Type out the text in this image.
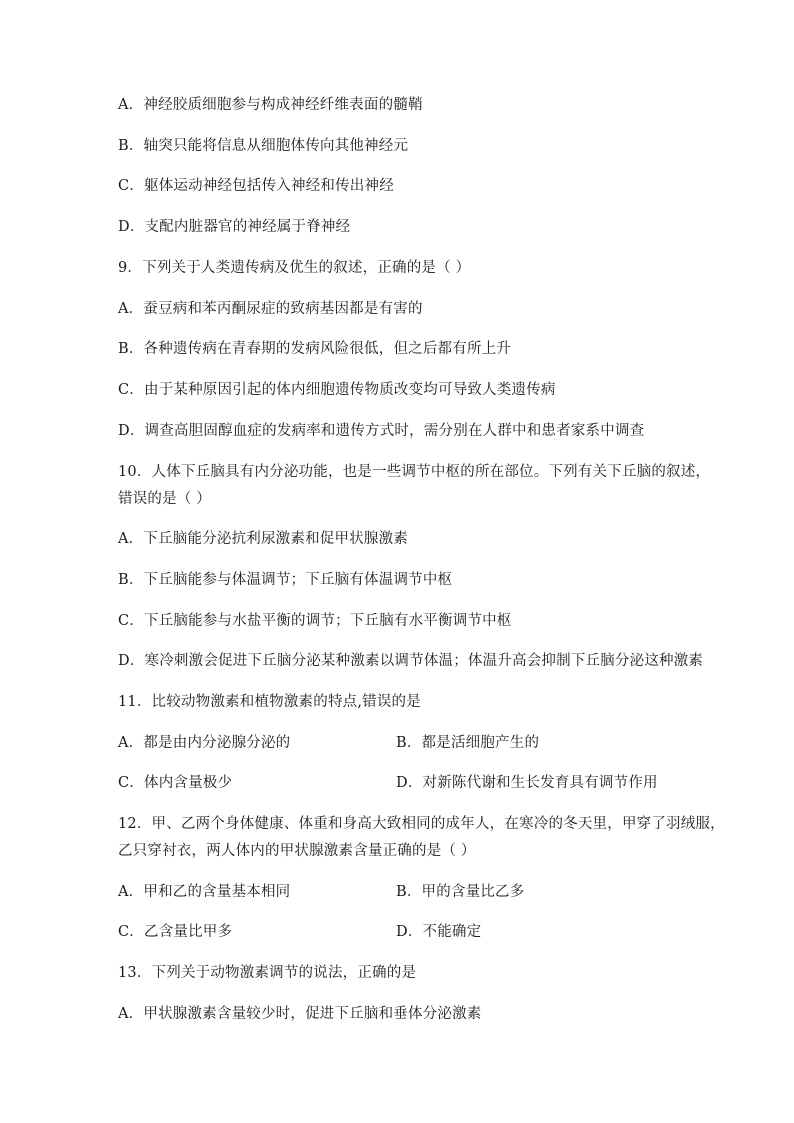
A．神经胶质细胞参与构成神经纤维表面的髓鞘
B．轴突只能将信息从细胞体传向其他神经元
C．躯体运动神经包括传入神经和传出神经
D．支配内脏器官的神经属于脊神经
9．下列关于人类遗传病及优生的叙述，正确的是（ ）
A．蚕豆病和苯丙酮尿症的致病基因都是有害的
B．各种遗传病在青春期的发病风险很低，但之后都有所上升
C．由于某种原因引起的体内细胞遗传物质改变均可导致人类遗传病
D．调查高胆固醇血症的发病率和遗传方式时，需分别在人群中和患者家系中调查
10．人体下丘脑具有内分泌功能，也是一些调节中枢的所在部位。下列有关下丘脑的叙述，
错误的是（ ）
A．下丘脑能分泌抗利尿激素和促甲状腺激素
B．下丘脑能参与体温调节；下丘脑有体温调节中枢
C．下丘脑能参与水盐平衡的调节；下丘脑有水平衡调节中枢
D．寒冷刺激会促进下丘脑分泌某种激素以调节体温；体温升高会抑制下丘脑分泌这种激素
11．比较动物激素和植物激素的特点,错误的是
A．都是由内分泌腺分泌的	B．都是活细胞产生的
C．体内含量极少	D．对新陈代谢和生长发育具有调节作用
12．甲、乙两个身体健康、体重和身高大致相同的成年人，在寒冷的冬天里，甲穿了羽绒服，
乙只穿衬衣，两人体内的甲状腺激素含量正确的是（ ）
A．甲和乙的含量基本相同	B．甲的含量比乙多
C．乙含量比甲多	D．不能确定
13．下列关于动物激素调节的说法，正确的是
A．甲状腺激素含量较少时，促进下丘脑和垂体分泌激素
